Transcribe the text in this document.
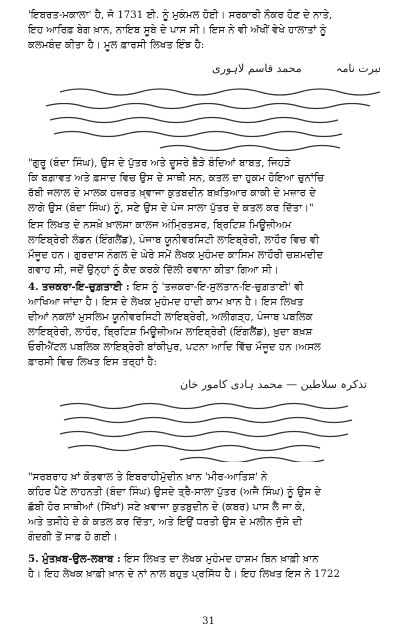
'ਇਬਰਤ-ਮਕਾਲਾ' ਹੈ, ਜੋ 1731 ਈ. ਨੂੰ ਮੁਕੰਮਲ ਹੋਈ। ਸਰਕਾਰੀ ਨੌਕਰ ਹੋਣ ਦੇ ਨਾਤੇ,
ਇਹ ਆਰਿਫ਼ ਬੇਗ ਖ਼ਾਨ, ਨਾਇਬ ਸੂਬੇ ਦੇ ਪਾਸ ਸੀ। ਇਸ ਨੇ ਵੀ ਅੱਖੀਂ ਵੇਖੇ ਹਾਲਾਤਾਂ ਨੂੰ
ਕਲਮਬੰਦ ਕੀਤਾ ਹੈ। ਮੂਲ ਫ਼ਾਰਸੀ ਲਿਖਤ ਇੰਝ ਹੈ:
محمد قاسم لاہوری	عبرت نامہ
"ਗੁਰੂ (ਬੰਦਾ ਸਿੰਘ), ਉਸ ਦੇ ਪੁੱਤਰ ਅਤੇ ਦੂਸਰੇ ਭੈੜੇ ਬੰਦਿਆਂ ਬਾਬਤ, ਜਿਹੜੇ
ਕਿ ਬਗ਼ਾਵਤ ਅਤੇ ਫ਼ਸਾਦ ਵਿਚ ਉਸ ਦੇ ਸਾਥੀ ਸਨ, ਕਤਲ ਦਾ ਹੁਕਮ ਹੋਇਆ ਚੁਨਾਂਚਿ
ਰੱਬੀ ਜਲਾਲ ਦੇ ਮਾਲਕ ਹਜ਼ਰਤ ਖ਼੍ਵਾਜਾ ਕੁਤਬਦੀਨ ਬਖ਼ਤਿਆਰ ਕਾਕੀ ਦੇ ਮਜ਼ਾਰ ਦੇ
ਲਾਗੇ ਉਸ (ਬੰਦਾ ਸਿੰਘ) ਨੂੰ, ਸਣੇ ਉਸ ਦੇ ਪੰਜ ਸਾਲਾ ਪੁੱਤਰ ਦੇ ਕਤਲ ਕਰ ਦਿੱਤਾ।"
ਇਸ ਲਿਖਤ ਦੇ ਨਸਖ਼ੇ ਖ਼ਾਲਸਾ ਕਾਲਜ ਅੰਮ੍ਰਿਤਸਰ, ਬ੍ਰਿਟਿਸ਼ ਮਿਊਜ਼ੀਅਮ
ਲਾਇਬ੍ਰੇਰੀ ਲੰਡਨ (ਇੰਗਲੈਂਡ), ਪੰਜਾਬ ਯੂਨੀਵਰਸਿਟੀ ਲਾਇਬ੍ਰੇਰੀ, ਲਾਹੌਰ ਵਿਚ ਵੀ
ਮੌਜੂਦ ਹਨ। ਗੁਰਦਾਸ ਨੰਗਲ ਦੇ ਘੇਰੇ ਸਮੇਂ ਲੇਖਕ ਮੁਹੰਮਦ ਕਾਸਿਮ ਲਾਹੌਰੀ ਚਸ਼ਮਦੀਦ
ਗਵਾਹ ਸੀ, ਜਦੋਂ ਉਨ੍ਹਾਂ ਨੂੰ ਕੈਦ ਕਰਕੇ ਦਿੱਲੀ ਰਵਾਨਾ ਕੀਤਾ ਗਿਆ ਸੀ।
4. ਤਜ਼ਕਰਾ-ਇ-ਚੁਗ਼ਤਾਈ : ਇਸ ਨੂੰ 'ਤਜ਼ਕਰਾ-ਇ-ਸੁਲਤਾਨ-ਇ-ਚੁਗ਼ਤਾਈ' ਵੀ
ਆਖਿਆ ਜਾਂਦਾ ਹੈ। ਇਸ ਦੇ ਲੇਖਕ ਮੁਹੰਮਦ ਹਾਦੀ ਕਾਮ ਖ਼ਾਨ ਹੈ। ਇਸ ਲਿਖਤ
ਦੀਆਂ ਨਕਲਾਂ ਮੁਸਲਿਮ ਯੂਨੀਵਰਸਿਟੀ ਲਾਇਬ੍ਰੇਰੀ, ਅਲੀਗੜ੍ਹ, ਪੰਜਾਬ ਪਬਲਿਕ
ਲਾਇਬ੍ਰੇਰੀ, ਲਾਹੌਰ, ਬ੍ਰਿਟਿਸ਼ ਮਿਊਜ਼ੀਅਮ ਲਾਇਬ੍ਰੇਰੀ (ਇੰਗਲੈਂਡ), ਖ਼ੁਦਾ ਬਖ਼ਸ਼
ਓਰੀਐਂਟਲ ਪਬਲਿਕ ਲਾਇਬ੍ਰੇਰੀ ਬਾਂਕੀਪੁਰ, ਪਟਨਾ ਆਦਿ ਵਿੱਚ ਮੌਜੂਦ ਹਨ।ਅਸਲ
ਫ਼ਾਰਸੀ ਵਿਚ ਲਿਖਤ ਇਸ ਤਰ੍ਹਾਂ ਹੈ:
تذکرہ سلاطین — محمد ہادی کامور خان
"ਸਰਬਰਾਹ ਖ਼ਾਂ ਕੋਤਵਾਲ ਤੇ ਇਬਰਾਹੀਮੁੱਦੀਨ ਖ਼ਾਨ 'ਮੀਰ-ਆਤਿਸ਼' ਨੇ
ਕਹਿਰ ਪੈਣੇ ਲਾਹਨਤੀ (ਬੰਦਾ ਸਿੰਘ) ਉਸਦੇ ਤ੍ਰੈ-ਸਾਲਾ ਪੁੱਤਰ (ਅਜੈ ਸਿੰਘ) ਨੂੰ ਉਸ ਦੇ
ਛੱਬੀ ਹੋਰ ਸਾਥੀਆਂ (ਸਿੱਖਾਂ) ਸਣੇ ਖ਼ਵਾਜਾ ਕੁਤਬੁਦੀਨ ਦੇ (ਕਬਰ) ਪਾਸ ਲੈ ਜਾ ਕੇ,
ਅਤੇ ਤਸੀਹੇ ਦੇ ਕੇ ਕਤਲ ਕਰ ਦਿੱਤਾ, ਅਤੇ ਇਉਂ ਧਰਤੀ ਉਸ ਦੇ ਮਲੀਨ ਜੁੱਸੇ ਦੀ
ਗੰਦਗੀ ਤੋਂ ਸਾਫ਼ ਹੋ ਗਈ।
5. ਮੁੰਤਖ਼ਬ-ਉਲ-ਲਬਾਬ : ਇਸ ਲਿਖਤ ਦਾ ਲੇਖਕ ਮੁਹੰਮਦ ਹਾਸ਼ਮ ਬਿਨ ਖ਼ਾਫ਼ੀ ਖ਼ਾਨ
ਹੈ। ਇਹ ਲੇਖਕ ਖ਼ਾਫ਼ੀ ਖ਼ਾਨ ਦੇ ਨਾਂ ਨਾਲ ਬਹੁਤ ਪ੍ਰਸਿੱਧ ਹੈ। ਇਹ ਲਿਖਤ ਇਸ ਨੇ 1722
31
